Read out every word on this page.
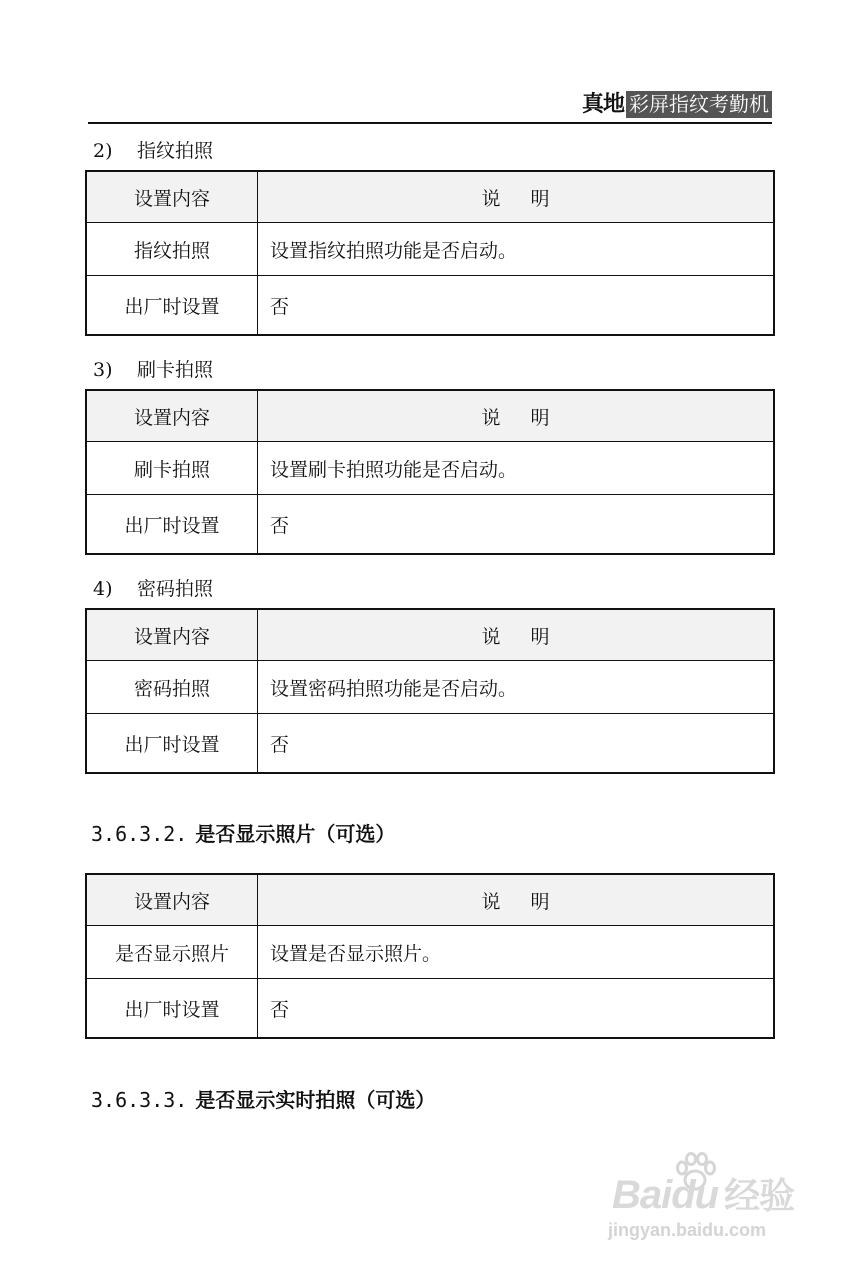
真地 彩屏指纹考勤机
2) 指纹拍照
设置内容	说 明
指纹拍照	设置指纹拍照功能是否启动。
出厂时设置	否
3) 刷卡拍照
设置内容	说 明
刷卡拍照	设置刷卡拍照功能是否启动。
出厂时设置	否
4) 密码拍照
设置内容	说 明
密码拍照	设置密码拍照功能是否启动。
出厂时设置	否
3.6.3.2. 是否显示照片（可选）
设置内容	说 明
是否显示照片	设置是否显示照片。
出厂时设置	否
3.6.3.3. 是否显示实时拍照（可选）
Baidu 经验
jingyan.baidu.com
